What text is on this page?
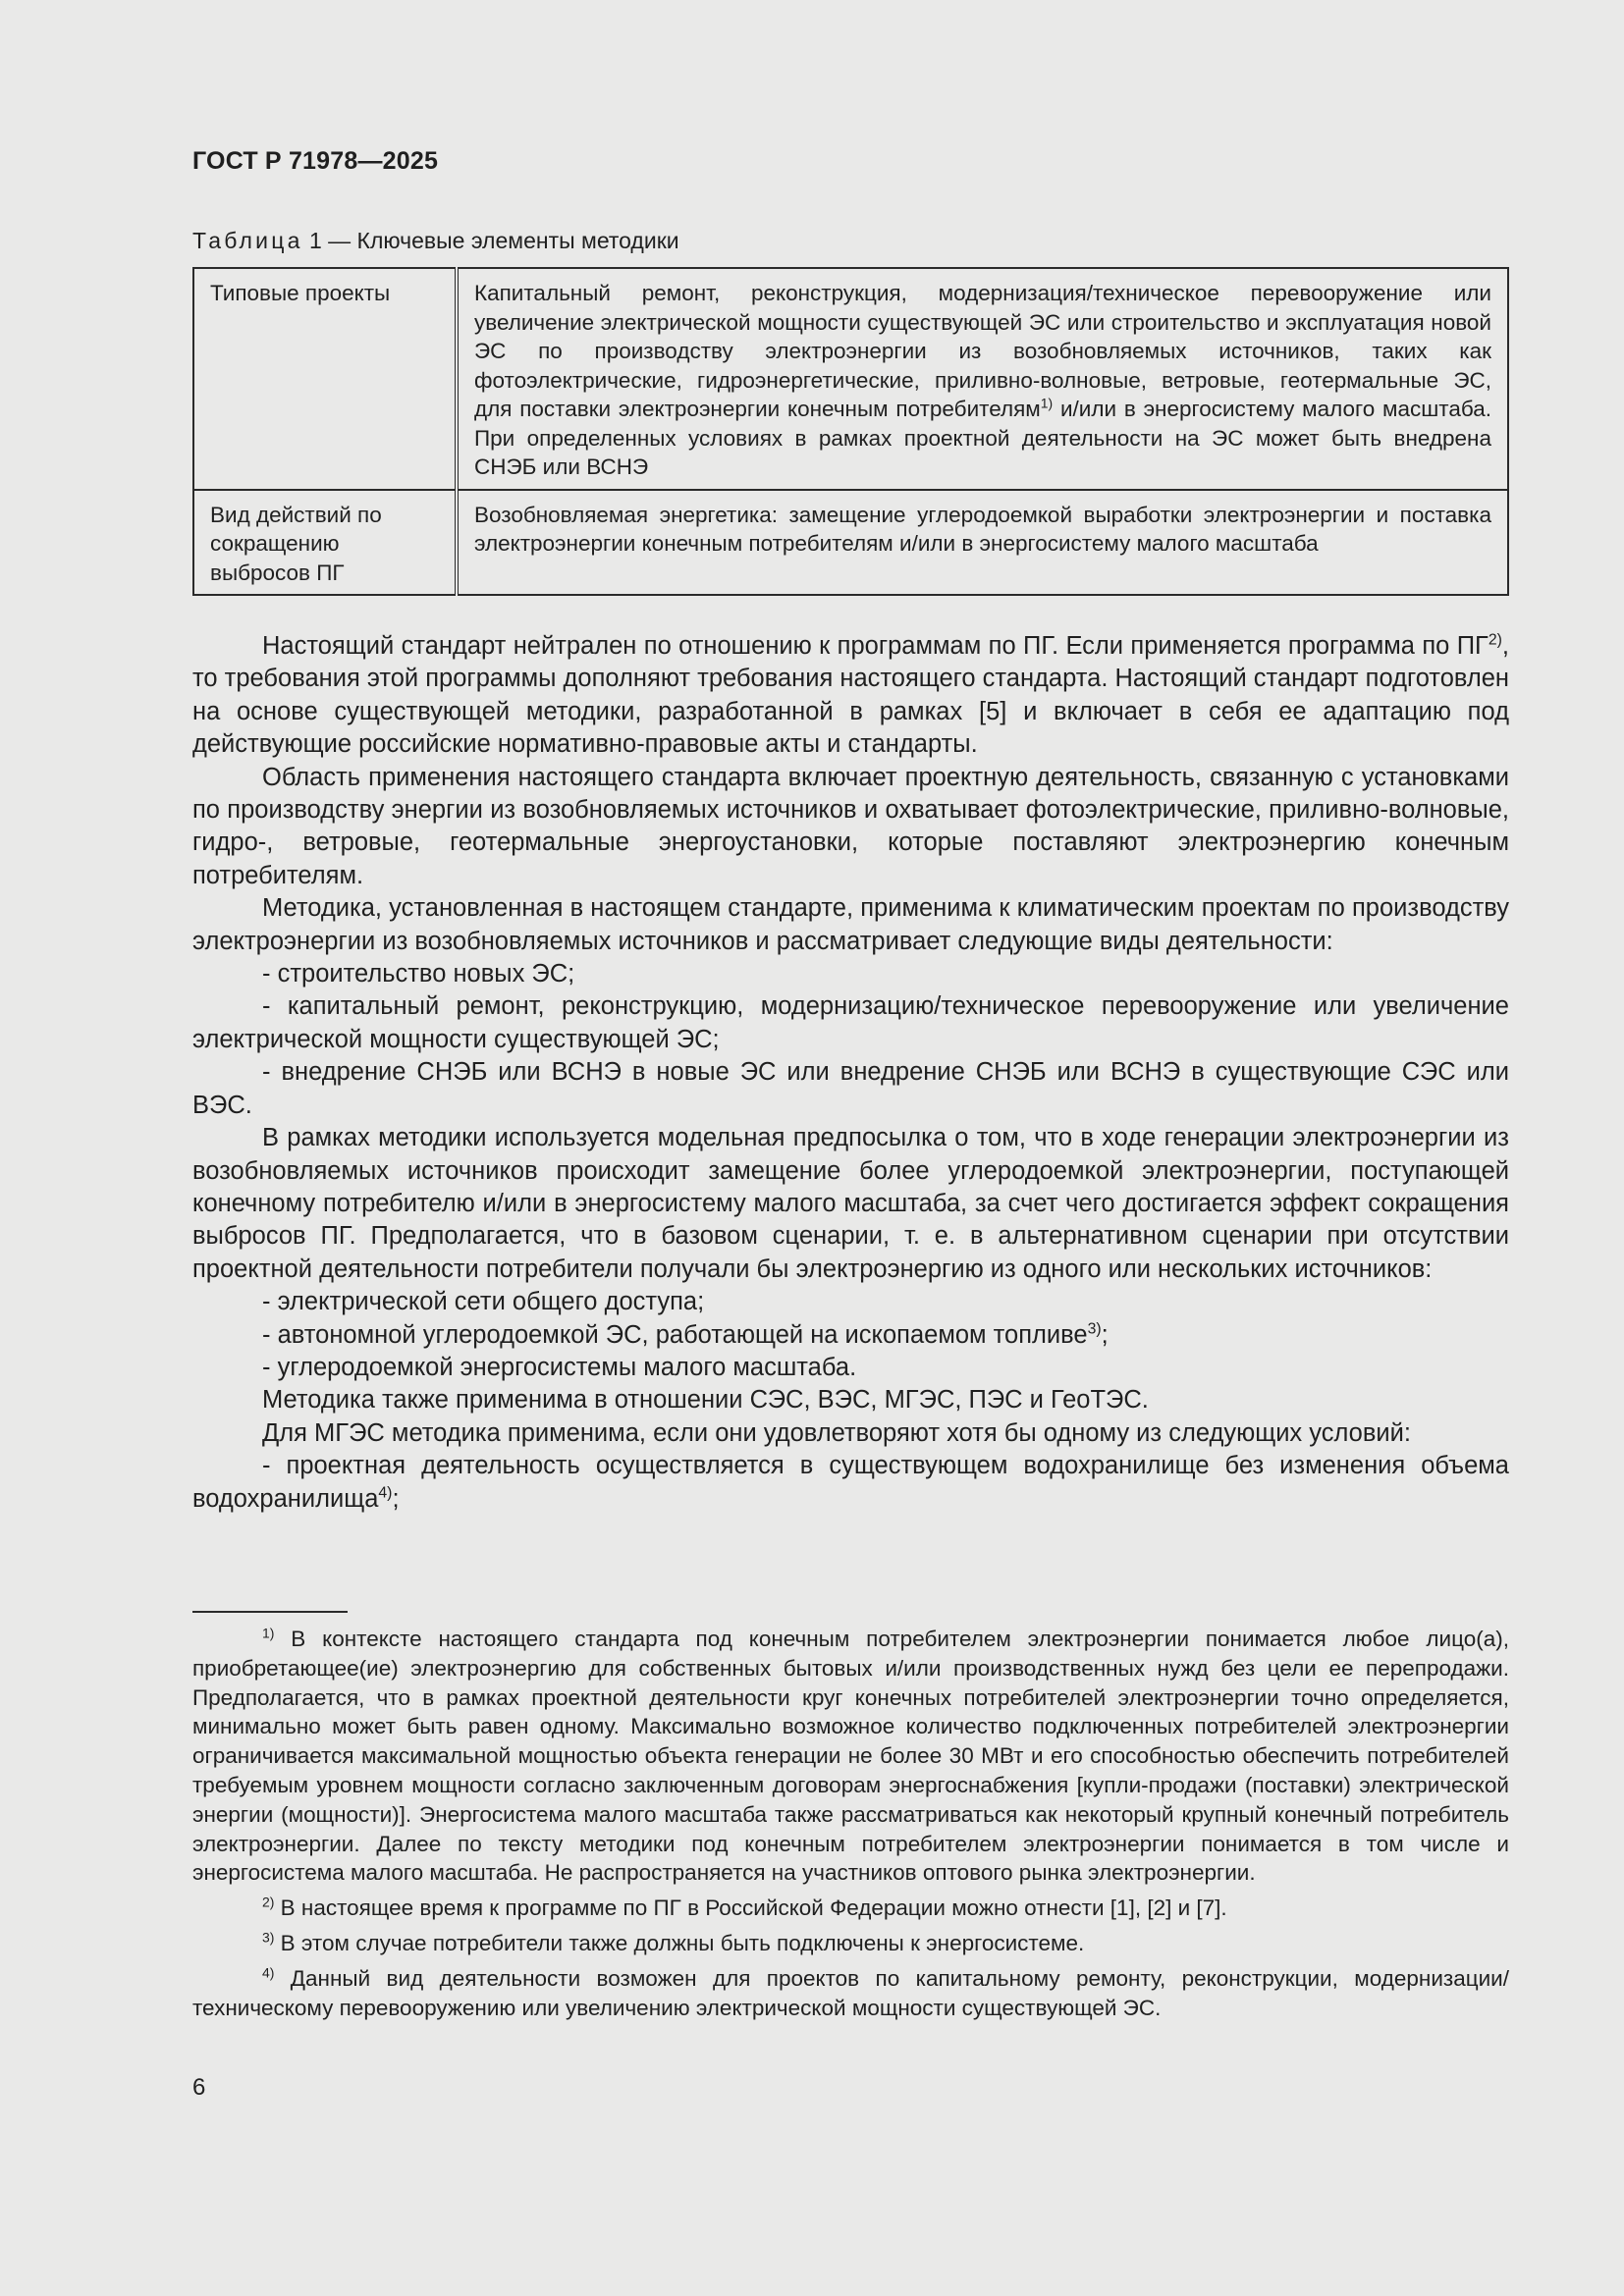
ГОСТ Р 71978—2025
Таблица 1 — Ключевые элементы методики
Типовые проекты	Капитальный ремонт, реконструкция, модернизация/техническое перевооружение или увеличение электрической мощности существующей ЭС или строительство и эксплуатация новой ЭС по производству электроэнергии из возобновляемых источников, таких как фотоэлектрические, гидроэнергетические, приливно-волновые, ветровые, геотермальные ЭС, для поставки электроэнергии конечным потребителям$^{1)}$ и/или в энергосистему малого масштаба. При определенных условиях в рамках проектной деятельности на ЭС может быть внедрена СНЭБ или ВСНЭ
Вид действий по сокращению выбросов ПГ	Возобновляемая энергетика: замещение углеродоемкой выработки электроэнергии и поставка электроэнергии конечным потребителям и/или в энергосистему малого масштаба

Настоящий стандарт нейтрален по отношению к программам по ПГ. Если применяется программа по ПГ$^{2)}$, то требования этой программы дополняют требования настоящего стандарта. Настоящий стандарт подготовлен на основе существующей методики, разработанной в рамках [5] и включает в себя ее адаптацию под действующие российские нормативно-правовые акты и стандарты.

Область применения настоящего стандарта включает проектную деятельность, связанную с установками по производству энергии из возобновляемых источников и охватывает фотоэлектрические, приливно-волновые, гидро-, ветровые, геотермальные энергоустановки, которые поставляют электроэнергию конечным потребителям.

Методика, установленная в настоящем стандарте, применима к климатическим проектам по производству электроэнергии из возобновляемых источников и рассматривает следующие виды деятельности:

- строительство новых ЭС;

- капитальный ремонт, реконструкцию, модернизацию/техническое перевооружение или увеличение электрической мощности существующей ЭС;

- внедрение СНЭБ или ВСНЭ в новые ЭС или внедрение СНЭБ или ВСНЭ в существующие СЭС или ВЭС.

В рамках методики используется модельная предпосылка о том, что в ходе генерации электроэнергии из возобновляемых источников происходит замещение более углеродоемкой электроэнергии, поступающей конечному потребителю и/или в энергосистему малого масштаба, за счет чего достигается эффект сокращения выбросов ПГ. Предполагается, что в базовом сценарии, т. е. в альтернативном сценарии при отсутствии проектной деятельности потребители получали бы электроэнергию из одного или нескольких источников:

- электрической сети общего доступа;

- автономной углеродоемкой ЭС, работающей на ископаемом топливе$^{3)}$;

- углеродоемкой энергосистемы малого масштаба.

Методика также применима в отношении СЭС, ВЭС, МГЭС, ПЭС и ГеоТЭС.

Для МГЭС методика применима, если они удовлетворяют хотя бы одному из следующих условий:

- проектная деятельность осуществляется в существующем водохранилище без изменения объема водохранилища$^{4)}$;

$^{1)}$ В контексте настоящего стандарта под конечным потребителем электроэнергии понимается любое лицо(а), приобретающее(ие) электроэнергию для собственных бытовых и/или производственных нужд без цели ее перепродажи. Предполагается, что в рамках проектной деятельности круг конечных потребителей электроэнергии точно определяется, минимально может быть равен одному. Максимально возможное количество подключенных потребителей электроэнергии ограничивается максимальной мощностью объекта генерации не более 30 МВт и его способностью обеспечить потребителей требуемым уровнем мощности согласно заключенным договорам энергоснабжения [купли-продажи (поставки) электрической энергии (мощности)]. Энергосистема малого масштаба также рассматриваться как некоторый крупный конечный потребитель электроэнергии. Далее по тексту методики под конечным потребителем электроэнергии понимается в том числе и энергосистема малого масштаба. Не распространяется на участников оптового рынка электроэнергии.

$^{2)}$ В настоящее время к программе по ПГ в Российской Федерации можно отнести [1], [2] и [7].

$^{3)}$ В этом случае потребители также должны быть подключены к энергосистеме.

$^{4)}$ Данный вид деятельности возможен для проектов по капитальному ремонту, реконструкции, модернизации/техническому перевооружению или увеличению электрической мощности существующей ЭС.

6
